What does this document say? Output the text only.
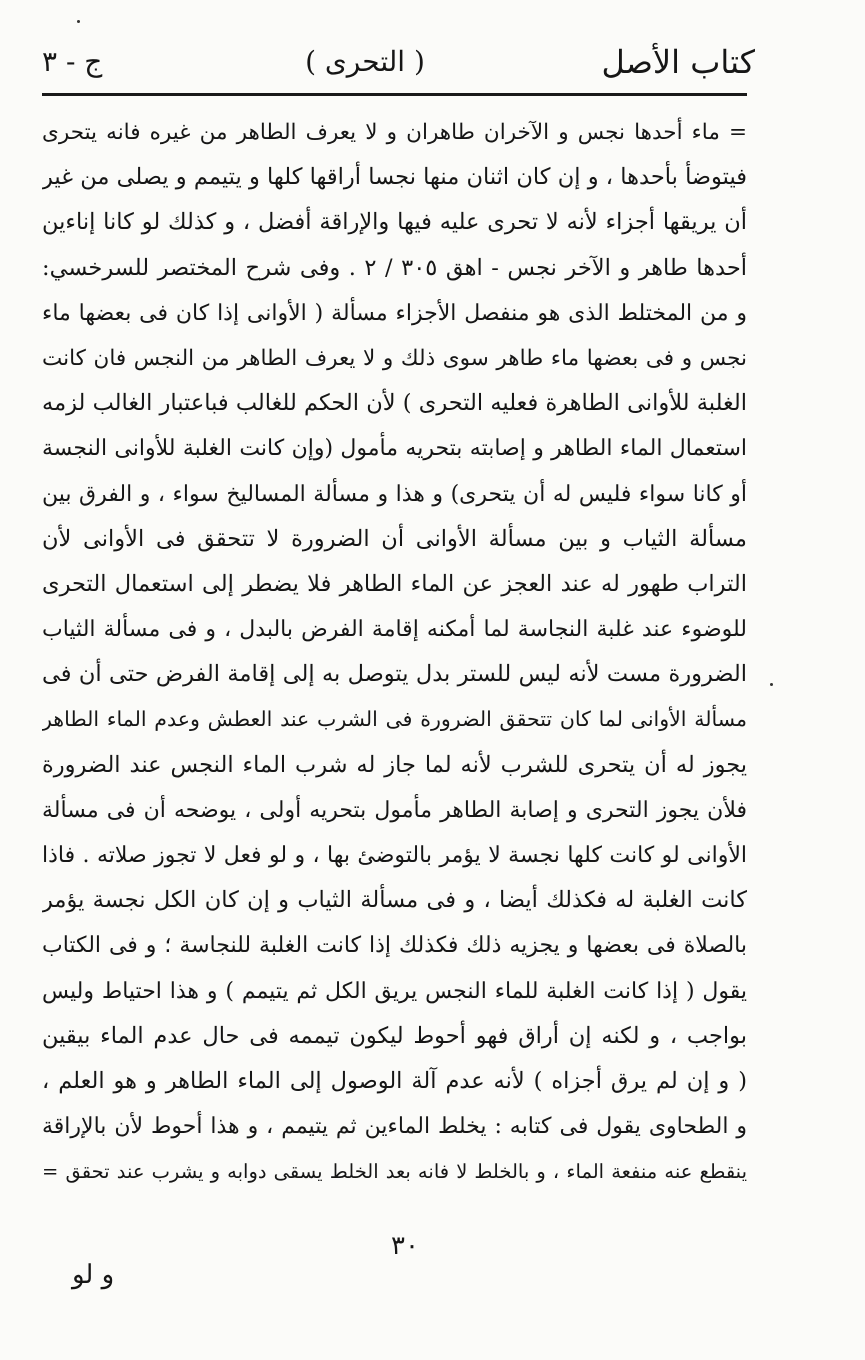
كتاب الأصل
( التحرى )
ج - ٣
= ماء أحدها نجس و الآخران طاهران و لا يعرف الطاهر من غيره فانه يتحرى
فيتوضأ بأحدها ، و إن كان اثنان منها نجسا أراقها كلها و يتيمم و يصلى من غير
أن يريقها أجزاء لأنه لا تحرى عليه فيها والإراقة أفضل ، و كذلك لو كانا إناءين
أحدها طاهر و الآخر نجس - اهق ٣٠٥ / ٢ . وفى شرح المختصر للسرخسي:
و من المختلط الذى هو منفصل الأجزاء مسألة ( الأوانى إذا كان فى بعضها ماء
نجس و فى بعضها ماء طاهر سوى ذلك و لا يعرف الطاهر من النجس فان كانت
الغلبة للأوانى الطاهرة فعليه التحرى ) لأن الحكم للغالب فباعتبار الغالب لزمه
استعمال الماء الطاهر و إصابته بتحريه مأمول (وإن كانت الغلبة للأوانى النجسة
أو كانا سواء فليس له أن يتحرى) و هذا و مسألة المساليخ سواء ، و الفرق بين
مسألة الثياب و بين مسألة الأوانى أن الضرورة لا تتحقق فى الأوانى لأن
التراب طهور له عند العجز عن الماء الطاهر فلا يضطر إلى استعمال التحرى
للوضوء عند غلبة النجاسة لما أمكنه إقامة الفرض بالبدل ، و فى مسألة الثياب
الضرورة مست لأنه ليس للستر بدل يتوصل به إلى إقامة الفرض حتى أن فى
مسألة الأوانى لما كان تتحقق الضرورة فى الشرب عند العطش وعدم الماء الطاهر
يجوز له أن يتحرى للشرب لأنه لما جاز له شرب الماء النجس عند الضرورة
فلأن يجوز التحرى و إصابة الطاهر مأمول بتحريه أولى ، يوضحه أن فى مسألة
الأوانى لو كانت كلها نجسة لا يؤمر بالتوضئ بها ، و لو فعل لا تجوز صلاته . فاذا
كانت الغلبة له فكذلك أيضا ، و فى مسألة الثياب و إن كان الكل نجسة يؤمر
بالصلاة فى بعضها و يجزيه ذلك فكذلك إذا كانت الغلبة للنجاسة ؛ و فى الكتاب
يقول ( إذا كانت الغلبة للماء النجس يريق الكل ثم يتيمم ) و هذا احتياط وليس
بواجب ، و لكنه إن أراق فهو أحوط ليكون تيممه فى حال عدم الماء بيقين
( و إن لم يرق أجزاه ) لأنه عدم آلة الوصول إلى الماء الطاهر و هو العلم ،
و الطحاوى يقول فى كتابه : يخلط الماءين ثم يتيمم ، و هذا أحوط لأن بالإراقة
ينقطع عنه منفعة الماء ، و بالخلط لا فانه بعد الخلط يسقى دوابه و يشرب عند تحقق =
٣٠
و لو
